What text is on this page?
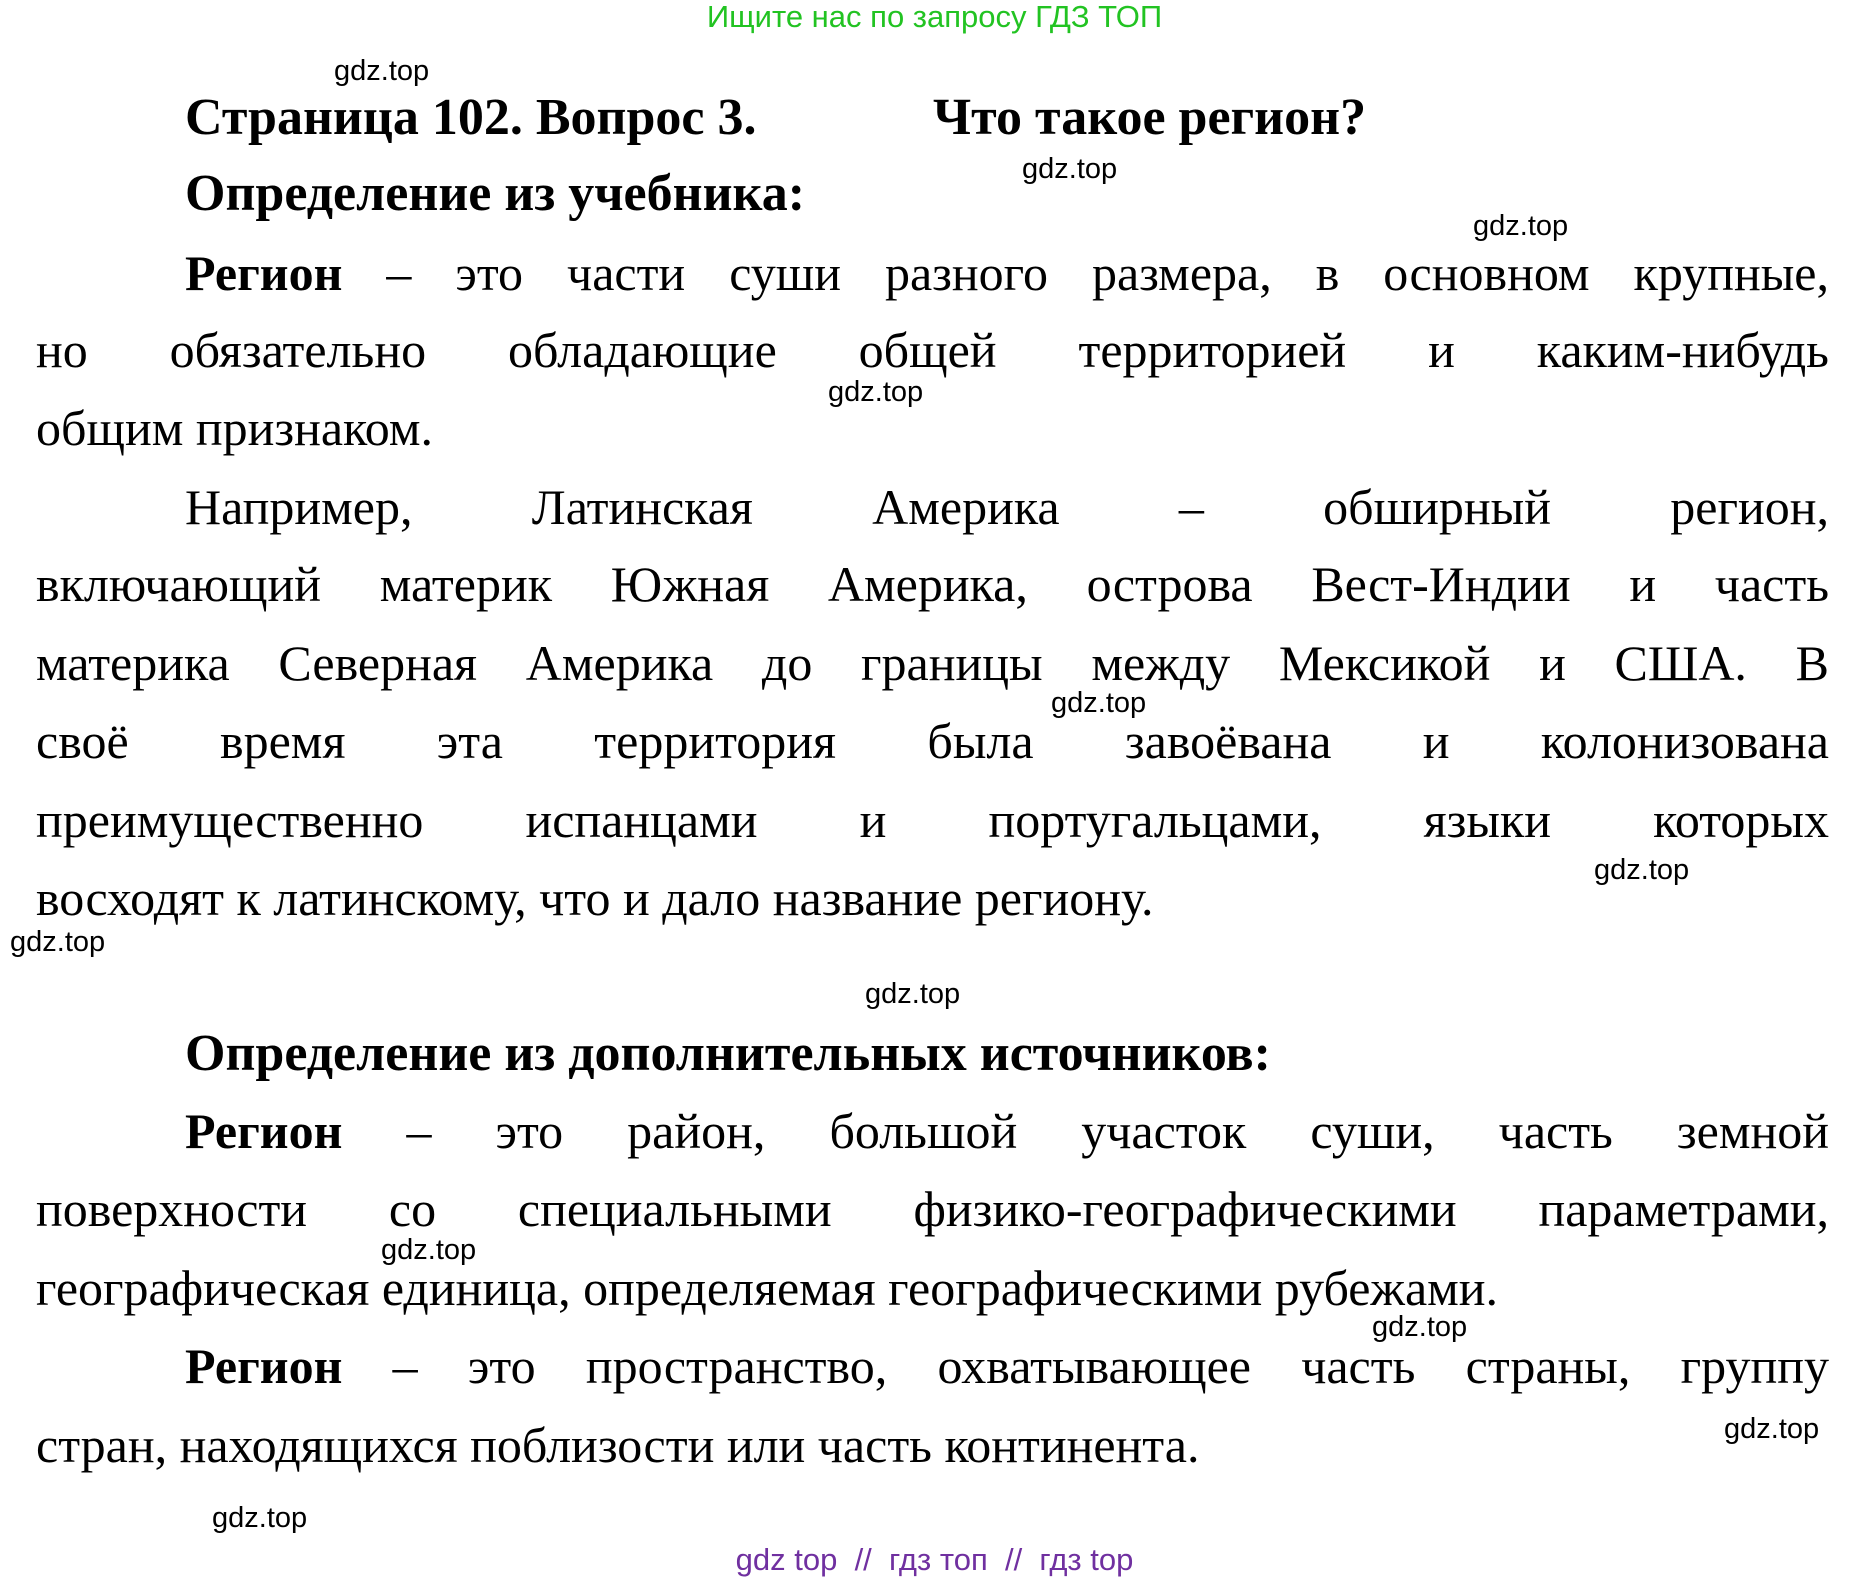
Ищите нас по запросу ГДЗ ТОП
Страница 102. Вопрос 3.	Что такое регион?
Определение из учебника:
Регион – это части суши разного размера, в основном крупные,
но обязательно обладающие общей территорией и каким-нибудь
общим признаком.
Например, Латинская Америка – обширный регион,
включающий материк Южная Америка, острова Вест-Индии и часть
материка Северная Америка до границы между Мексикой и США. В
своё время эта территория была завоёвана и колонизована
преимущественно испанцами и португальцами, языки которых
восходят к латинскому, что и дало название региону.
Определение из дополнительных источников:
Регион – это район, большой участок суши, часть земной
поверхности со специальными физико-географическими параметрами,
географическая единица, определяемая географическими рубежами.
Регион – это пространство, охватывающее часть страны, группу
стран, находящихся поблизости или часть континента.
gdz.top
gdz.top
gdz.top
gdz.top
gdz.top
gdz.top
gdz.top
gdz.top
gdz.top
gdz.top
gdz.top
gdz.top
gdz top  //  гдз топ  //  гдз top
